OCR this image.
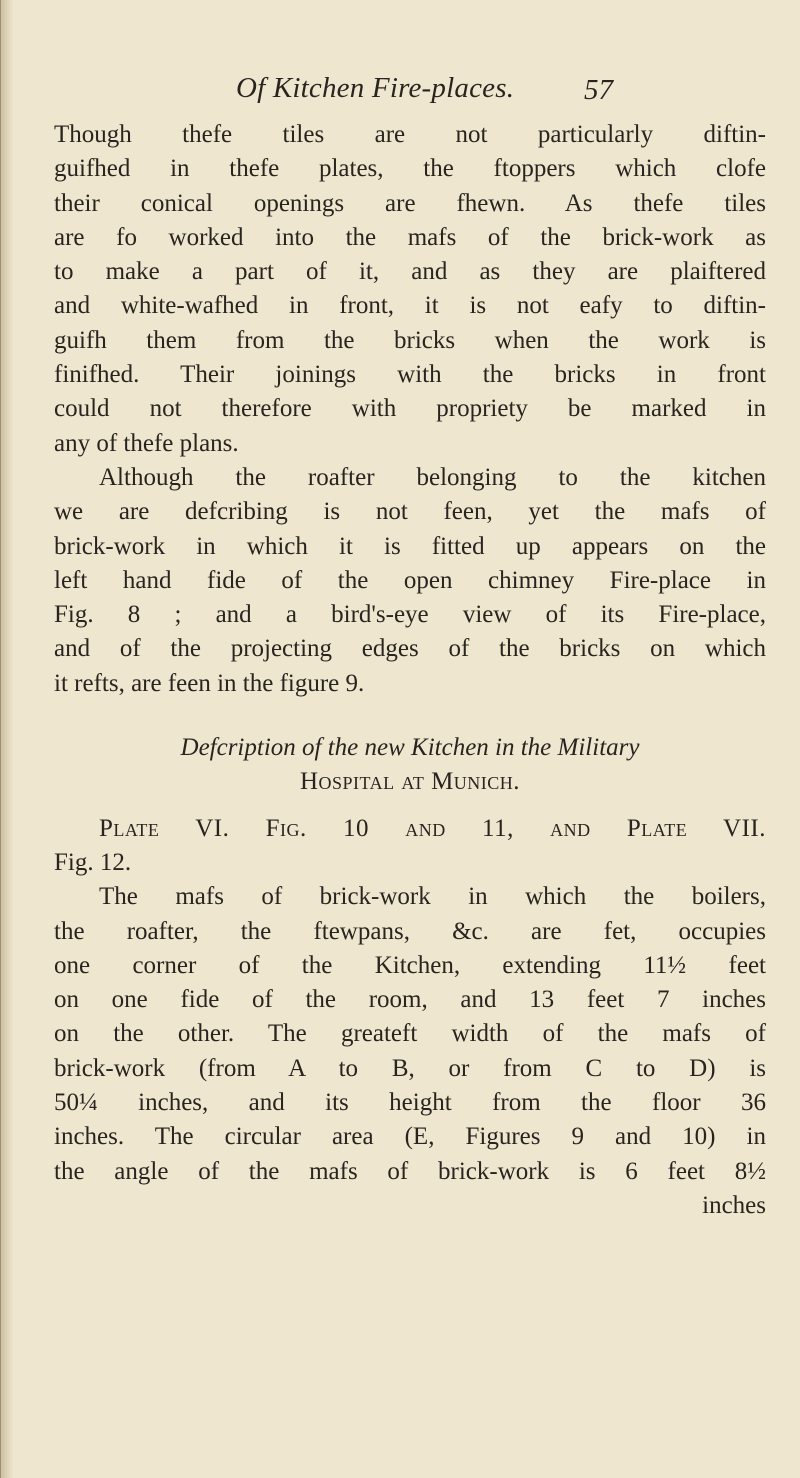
Of Kitchen Fire-places. 57
Though thefe tiles are not particularly diftin-
guifhed in thefe plates, the ftoppers which clofe
their conical openings are fhewn. As thefe tiles
are fo worked into the mafs of the brick-work as
to make a part of it, and as they are plaiftered
and white-wafhed in front, it is not eafy to diftin-
guifh them from the bricks when the work is
finifhed. Their joinings with the bricks in front
could not therefore with propriety be marked in
any of thefe plans.
Although the roafter belonging to the kitchen
we are defcribing is not feen, yet the mafs of
brick-work in which it is fitted up appears on the
left hand fide of the open chimney Fire-place in
Fig. 8 ; and a bird's-eye view of its Fire-place,
and of the projecting edges of the bricks on which
it refts, are feen in the figure 9.
Defcription of the new Kitchen in the Military
Hospital at Munich.
Plate VI. Fig. 10 and 11, and Plate VII.
Fig. 12.
The mafs of brick-work in which the boilers,
the roafter, the ftewpans, &c. are fet, occupies
one corner of the Kitchen, extending 11½ feet
on one fide of the room, and 13 feet 7 inches
on the other. The greateft width of the mafs of
brick-work (from A to B, or from C to D) is
50¼ inches, and its height from the floor 36
inches. The circular area (E, Figures 9 and 10) in
the angle of the mafs of brick-work is 6 feet 8½
inches
